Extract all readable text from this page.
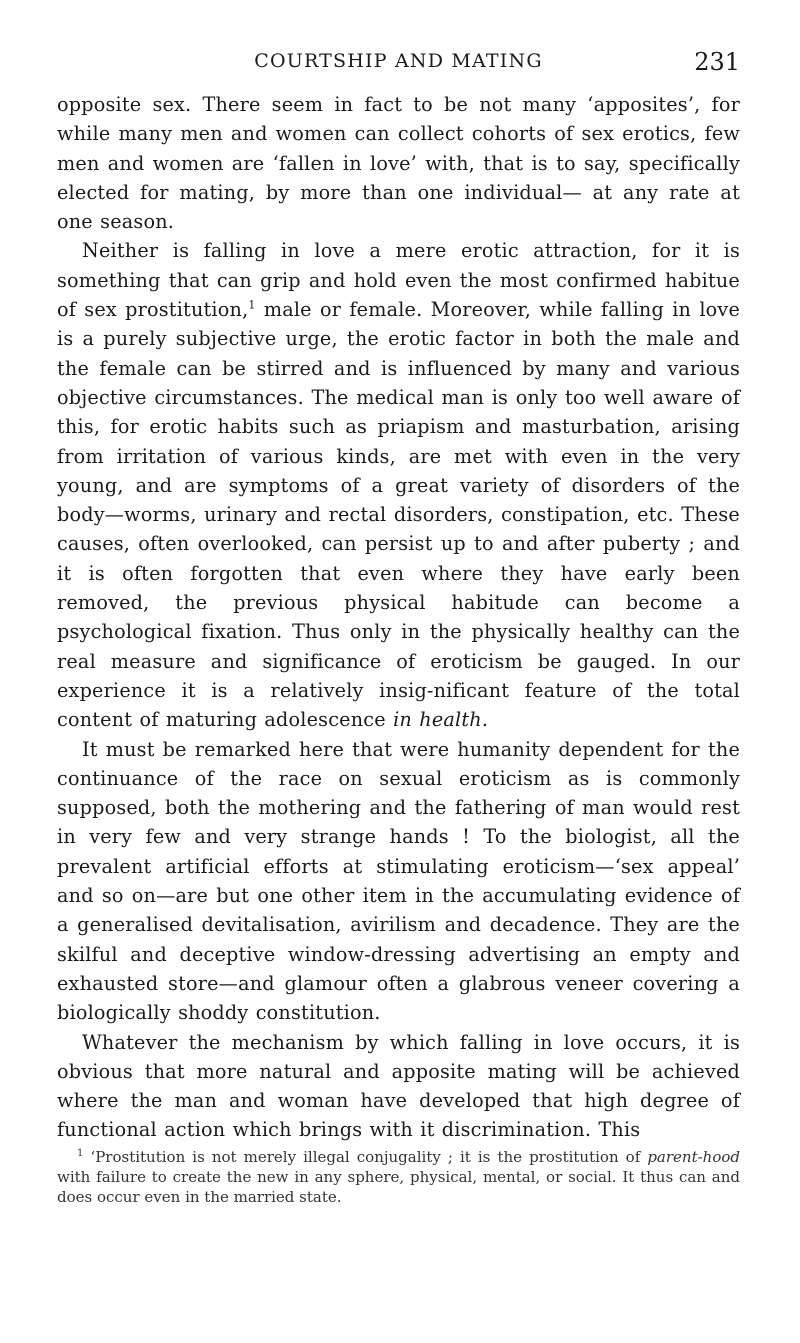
COURTSHIP AND MATING	231

opposite sex. There seem in fact to be not many ‘apposites’, for while many men and women can collect cohorts of sex erotics, few men and women are ‘fallen in love’ with, that is to say, specifically elected for mating, by more than one individual— at any rate at one season.

Neither is falling in love a mere erotic attraction, for it is something that can grip and hold even the most confirmed habitue of sex prostitution,$^1$ male or female. Moreover, while falling in love is a purely subjective urge, the erotic factor in both the male and the female can be stirred and is influenced by many and various objective circumstances. The medical man is only too well aware of this, for erotic habits such as priapism and masturbation, arising from irritation of various kinds, are met with even in the very young, and are symptoms of a great variety of disorders of the body—worms, urinary and rectal disorders, constipation, etc. These causes, often overlooked, can persist up to and after puberty ; and it is often forgotten that even where they have early been removed, the previous physical habitude can become a psychological fixation. Thus only in the physically healthy can the real measure and significance of eroticism be gauged. In our experience it is a relatively insig-nificant feature of the total content of maturing adolescence in health.

It must be remarked here that were humanity dependent for the continuance of the race on sexual eroticism as is commonly supposed, both the mothering and the fathering of man would rest in very few and very strange hands ! To the biologist, all the prevalent artificial efforts at stimulating eroticism—‘sex appeal’ and so on—are but one other item in the accumulating evidence of a generalised devitalisation, avirilism and decadence. They are the skilful and deceptive window-dressing advertising an empty and exhausted store—and glamour often a glabrous veneer covering a biologically shoddy constitution.

Whatever the mechanism by which falling in love occurs, it is obvious that more natural and apposite mating will be achieved where the man and woman have developed that high degree of functional action which brings with it discrimination. This

$^1$ ‘Prostitution is not merely illegal conjugality ; it is the prostitution of parent-hood with failure to create the new in any sphere, physical, mental, or social. It thus can and does occur even in the married state.
